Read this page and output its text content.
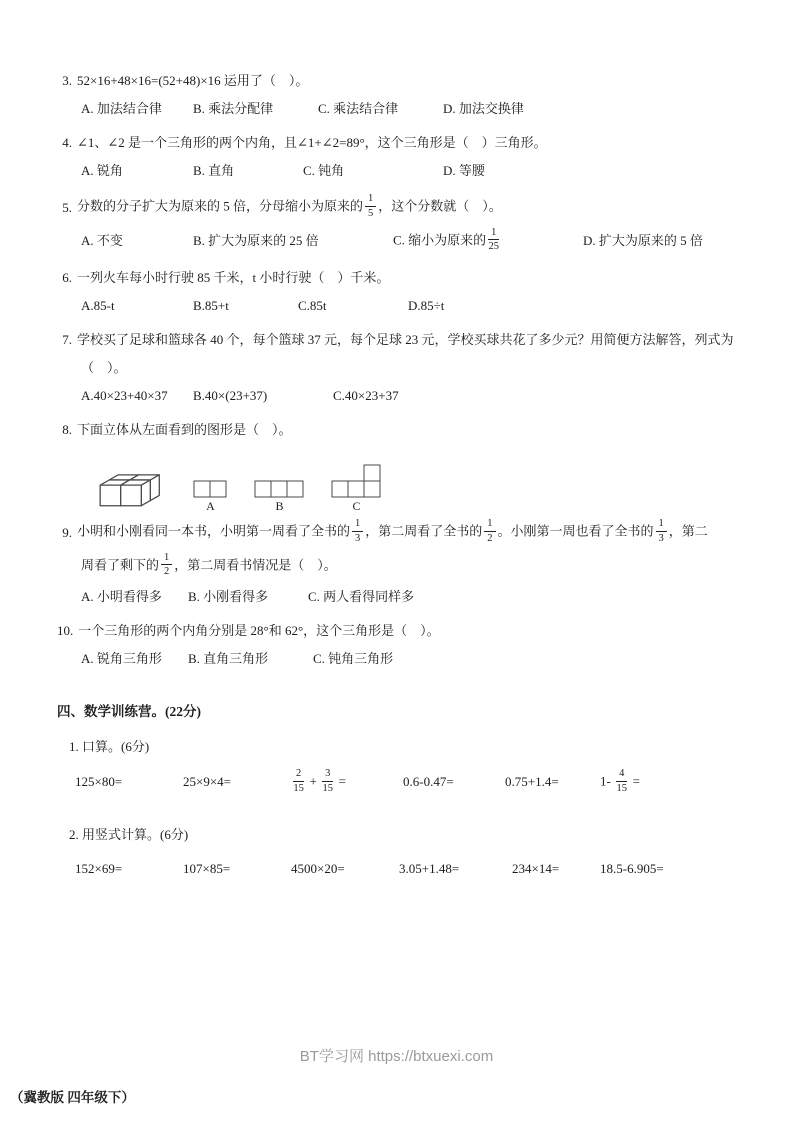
3. 52×16+48×16=(52+48)×16 运用了（　）。
A. 加法结合律	B. 乘法分配律	C. 乘法结合律	D. 加法交换律
4. ∠1、∠2 是一个三角形的两个内角，且∠1+∠2=89°，这个三角形是（　）三角形。
A. 锐角	B. 直角	C. 钝角	D. 等腰
5. 分数的分子扩大为原来的 5 倍，分母缩小为原来的 $\frac{1}{5}$ ，这个分数就（　）。
A. 不变	B. 扩大为原来的 25 倍	C. 缩小为原来的 $\frac{1}{25}$	D. 扩大为原来的 5 倍
6. 一列火车每小时行驶 85 千米，t 小时行驶（　）千米。
A.85-t	B.85+t	C.85t	D.85÷t
7. 学校买了足球和篮球各 40 个，每个篮球 37 元，每个足球 23 元，学校买球共花了多少元？用简便方法解答，列式为
（　）。
A.40×23+40×37	B.40×(23+37)	C.40×23+37
8. 下面立体从左面看到的图形是（　）。
A	B	C
9. 小明和小刚看同一本书，小明第一周看了全书的 $\frac{1}{3}$ ，第二周看了全书的 $\frac{1}{2}$ 。小刚第一周也看了全书的 $\frac{1}{3}$ ，第二
周看了剩下的 $\frac{1}{2}$ ，第二周看书情况是（　）。
A. 小明看得多	B. 小刚看得多	C. 两人看得同样多
10. 一个三角形的两个内角分别是 28°和 62°，这个三角形是（　）。
A. 锐角三角形	B. 直角三角形	C. 钝角三角形
四、数学训练营。(22分)
1. 口算。(6分)
125×80=	25×9×4=	$\frac{2}{15} + \frac{3}{15}$ =	0.6-0.47=	0.75+1.4=	$1- \frac{4}{15}$ =
2. 用竖式计算。(6分)
152×69=	107×85=	4500×20=	3.05+1.48=	234×14=	18.5-6.905=
BT学习网 https://btxuexi.com
（冀教版 四年级下）
